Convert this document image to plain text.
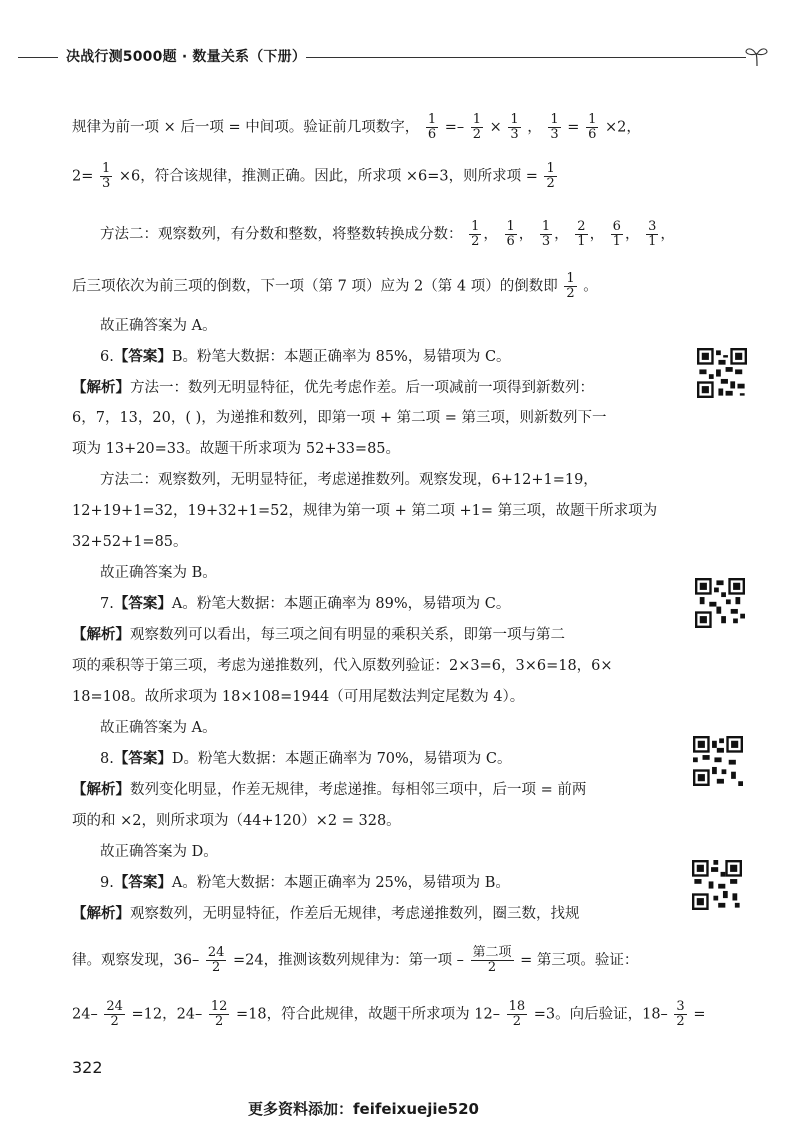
决战行测5000题 · 数量关系（下册）
规律为前一项 × 后一项 = 中间项。验证前几项数字， $\frac{1}{6} =- \frac{1}{2} \times \frac{1}{3}$ ， $\frac{1}{3} = \frac{1}{6} \times 2$，
$2= \frac{1}{3} \times 6$，符合该规律，推测正确。因此，所求项 ×6=3，则所求项 = $\frac{1}{2}$
方法二：观察数列，有分数和整数，将整数转换成分数： $\frac{1}{2}$ ， $\frac{1}{6}$ ， $\frac{1}{3}$ ， $\frac{2}{1}$ ， $\frac{6}{1}$ ， $\frac{3}{1}$ ，
后三项依次为前三项的倒数，下一项（第 7 项）应为 2（第 4 项）的倒数即 $\frac{1}{2}$ 。
故正确答案为 A。
6.【答案】B。粉笔大数据：本题正确率为 85%，易错项为 C。
【解析】方法一：数列无明显特征，优先考虑作差。后一项减前一项得到新数列：
6，7，13，20，( )，为递推和数列，即第一项 + 第二项 = 第三项，则新数列下一
项为 13+20=33。故题干所求项为 52+33=85。
方法二：观察数列，无明显特征，考虑递推数列。观察发现，6+12+1=19，
12+19+1=32，19+32+1=52，规律为第一项 + 第二项 +1= 第三项，故题干所求项为
32+52+1=85。
故正确答案为 B。
7.【答案】A。粉笔大数据：本题正确率为 89%，易错项为 C。
【解析】观察数列可以看出，每三项之间有明显的乘积关系，即第一项与第二
项的乘积等于第三项，考虑为递推数列，代入原数列验证：2×3=6，3×6=18，6×
18=108。故所求项为 18×108=1944（可用尾数法判定尾数为 4）。
故正确答案为 A。
8.【答案】D。粉笔大数据：本题正确率为 70%，易错项为 C。
【解析】数列变化明显，作差无规律，考虑递推。每相邻三项中，后一项 = 前两
项的和 ×2，则所求项为（44+120）×2 = 328。
故正确答案为 D。
9.【答案】A。粉笔大数据：本题正确率为 25%，易错项为 B。
【解析】观察数列，无明显特征，作差后无规律，考虑递推数列，圈三数，找规
律。观察发现，$36- \frac{24}{2} =24$，推测该数列规律为：第一项 – $\frac{\text{第二项}}{2}$ = 第三项。验证：
$24- \frac{24}{2} =12$，$24- \frac{12}{2} =18$，符合此规律，故题干所求项为 $12- \frac{18}{2} =3$。向后验证，$18- \frac{3}{2}$ =
322
更多资料添加：feifeixuejie520
